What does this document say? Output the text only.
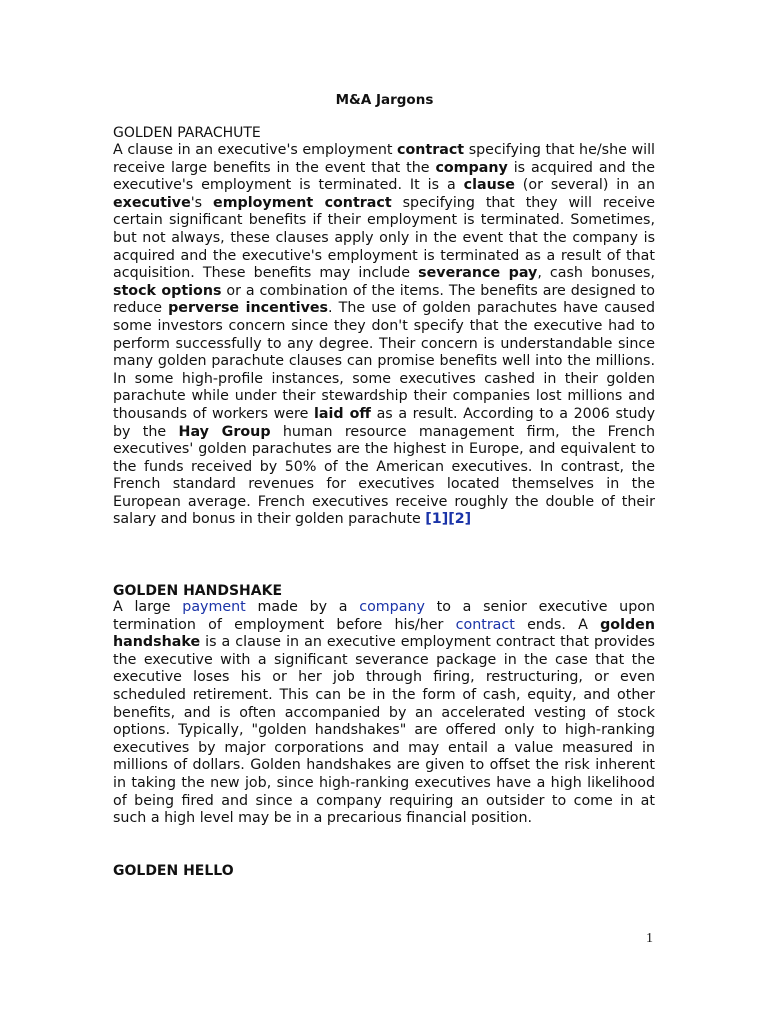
M&A Jargons
GOLDEN PARACHUTE
A clause in an executive's employment contract specifying that he/she will receive large benefits in the event that the company is acquired and the executive's employment is terminated. It is a clause (or several) in an executive's employment contract specifying that they will receive certain significant benefits if their employment is terminated. Sometimes, but not always, these clauses apply only in the event that the company is acquired and the executive's employment is terminated as a result of that acquisition. These benefits may include severance pay, cash bonuses, stock options or a combination of the items. The benefits are designed to reduce perverse incentives. The use of golden parachutes have caused some investors concern since they don't specify that the executive had to perform successfully to any degree. Their concern is understandable since many golden parachute clauses can promise benefits well into the millions. In some high-profile instances, some executives cashed in their golden parachute while under their stewardship their companies lost millions and thousands of workers were laid off as a result. According to a 2006 study by the Hay Group human resource management firm, the French executives' golden parachutes are the highest in Europe, and equivalent to the funds received by 50% of the American executives. In contrast, the French standard revenues for executives located themselves in the European average. French executives receive roughly the double of their salary and bonus in their golden parachute [1][2]
GOLDEN HANDSHAKE
A large payment made by a company to a senior executive upon termination of employment before his/her contract ends. A golden handshake is a clause in an executive employment contract that provides the executive with a significant severance package in the case that the executive loses his or her job through firing, restructuring, or even scheduled retirement. This can be in the form of cash, equity, and other benefits, and is often accompanied by an accelerated vesting of stock options. Typically, "golden handshakes" are offered only to high-ranking executives by major corporations and may entail a value measured in millions of dollars. Golden handshakes are given to offset the risk inherent in taking the new job, since high-ranking executives have a high likelihood of being fired and since a company requiring an outsider to come in at such a high level may be in a precarious financial position.
GOLDEN HELLO
1
